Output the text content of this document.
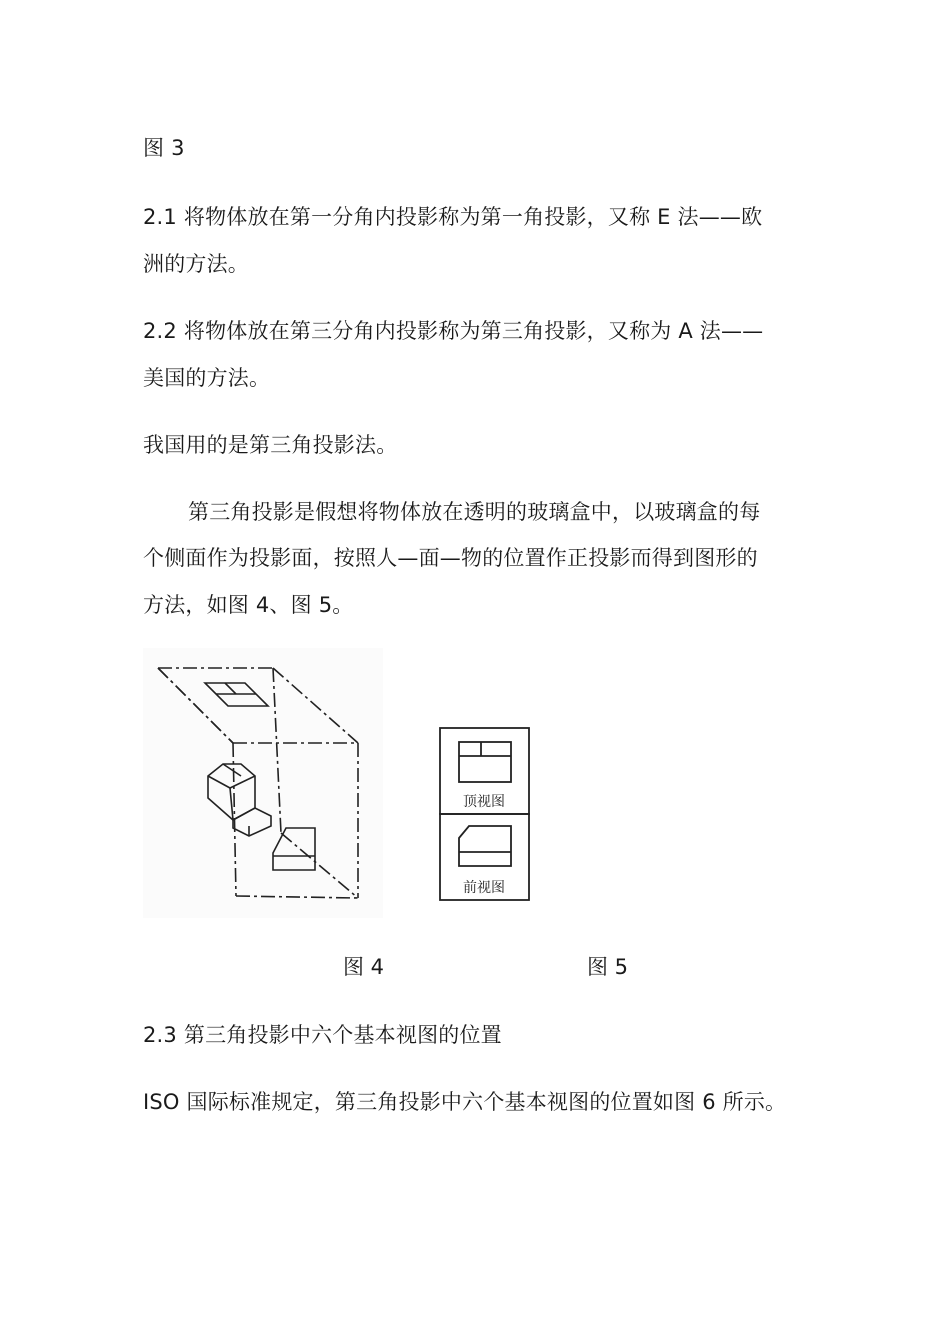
图 3
2.1 将物体放在第一分角内投影称为第一角投影，又称 E 法——欧
洲的方法。
2.2 将物体放在第三分角内投影称为第三角投影，又称为 A 法——
美国的方法。
我国用的是第三角投影法。
第三角投影是假想将物体放在透明的玻璃盒中，以玻璃盒的每
个侧面作为投影面，按照人—面—物的位置作正投影而得到图形的
方法，如图 4、图 5。
顶视图
前视图
图 4	图 5
2.3 第三角投影中六个基本视图的位置
ISO 国际标准规定，第三角投影中六个基本视图的位置如图 6 所示。
